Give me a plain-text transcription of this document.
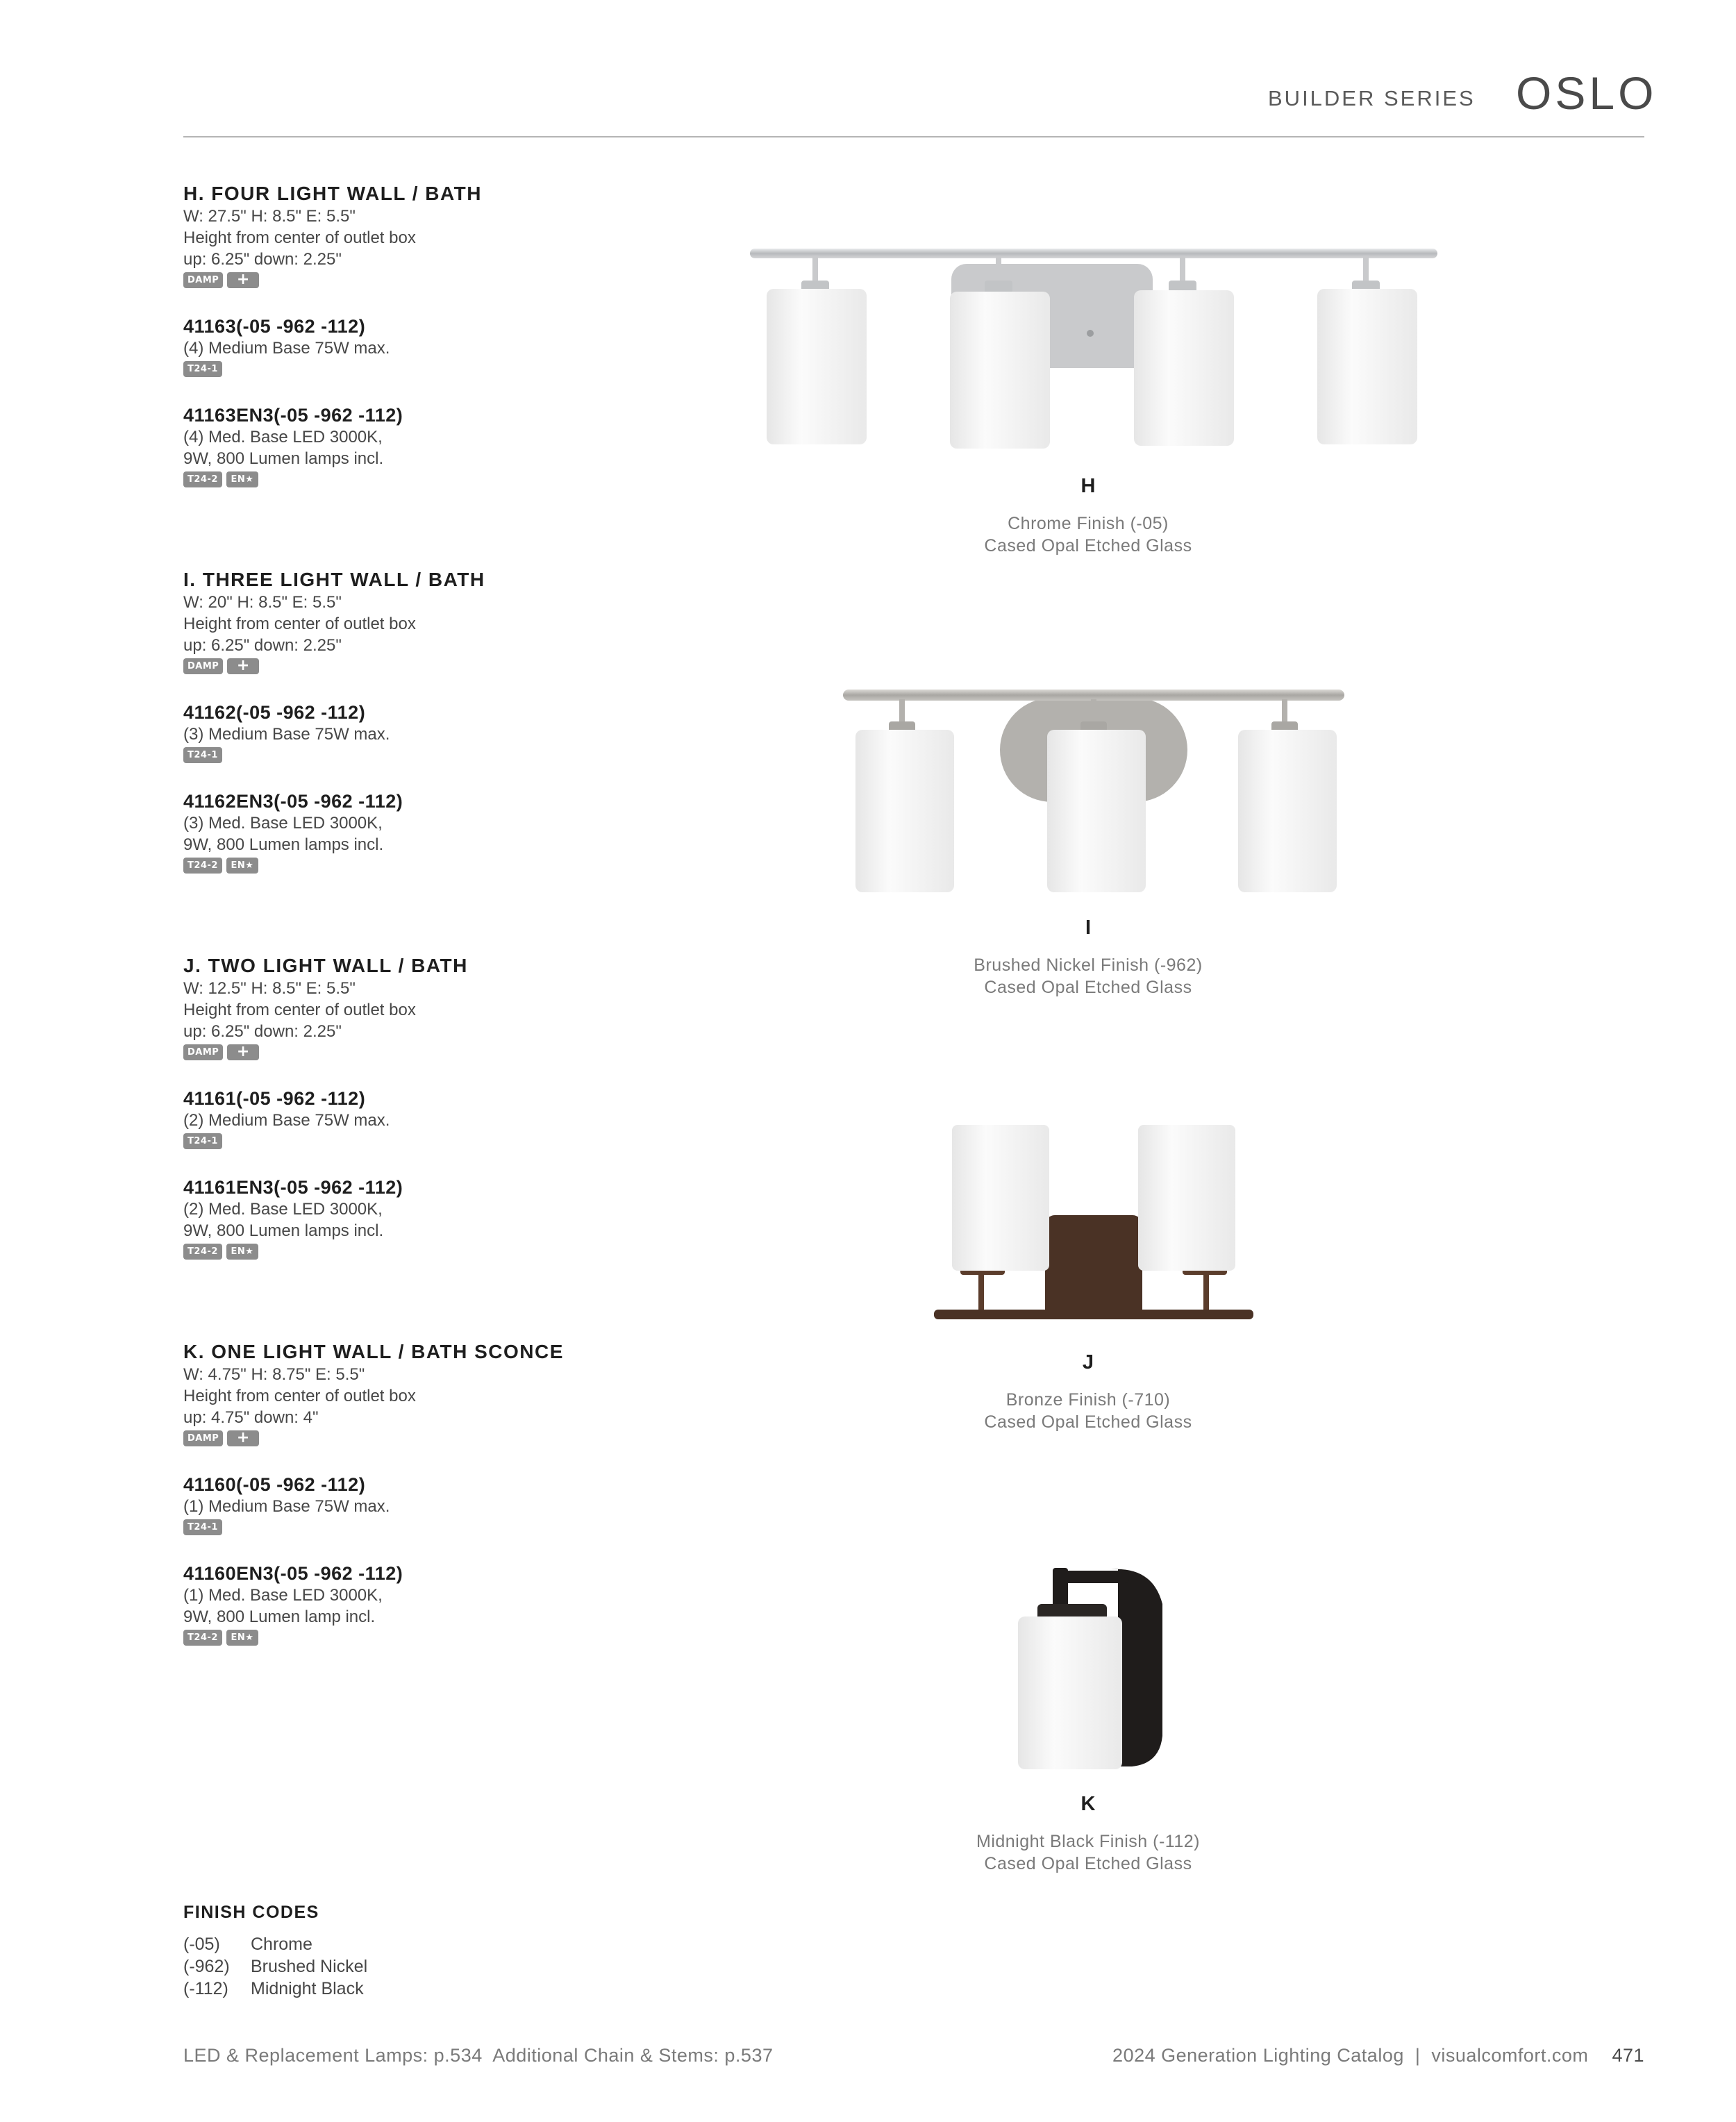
BUILDER SERIES OSLO
H. FOUR LIGHT WALL / BATH
W: 27.5" H: 8.5" E: 5.5"
Height from center of outlet box
up: 6.25" down: 2.25"
DAMP	+
41163(-05 -962 -112)
(4) Medium Base 75W max.
T24-1
41163EN3(-05 -962 -112)
(4) Med. Base LED 3000K,
9W, 800 Lumen lamps incl.
T24-2	EN★
I. THREE LIGHT WALL / BATH
W: 20" H: 8.5" E: 5.5"
Height from center of outlet box
up: 6.25" down: 2.25"
DAMP	+
41162(-05 -962 -112)
(3) Medium Base 75W max.
T24-1
41162EN3(-05 -962 -112)
(3) Med. Base LED 3000K,
9W, 800 Lumen lamps incl.
T24-2	EN★
J. TWO LIGHT WALL / BATH
W: 12.5" H: 8.5" E: 5.5"
Height from center of outlet box
up: 6.25" down: 2.25"
DAMP	+
41161(-05 -962 -112)
(2) Medium Base 75W max.
T24-1
41161EN3(-05 -962 -112)
(2) Med. Base LED 3000K,
9W, 800 Lumen lamps incl.
T24-2	EN★
K. ONE LIGHT WALL / BATH SCONCE
W: 4.75" H: 8.75" E: 5.5"
Height from center of outlet box
up: 4.75" down: 4"
DAMP	+
41160(-05 -962 -112)
(1) Medium Base 75W max.
T24-1
41160EN3(-05 -962 -112)
(1) Med. Base LED 3000K,
9W, 800 Lumen lamp incl.
T24-2	EN★
H
Chrome Finish (-05)
Cased Opal Etched Glass
I
Brushed Nickel Finish (-962)
Cased Opal Etched Glass
J
Bronze Finish (-710)
Cased Opal Etched Glass
K
Midnight Black Finish (-112)
Cased Opal Etched Glass
FINISH CODES
(-05)	Chrome
(-962)	Brushed Nickel
(-112)	Midnight Black
LED & Replacement Lamps: p.534  Additional Chain & Stems: p.537	2024 Generation Lighting Catalog  |  visualcomfort.com 471
